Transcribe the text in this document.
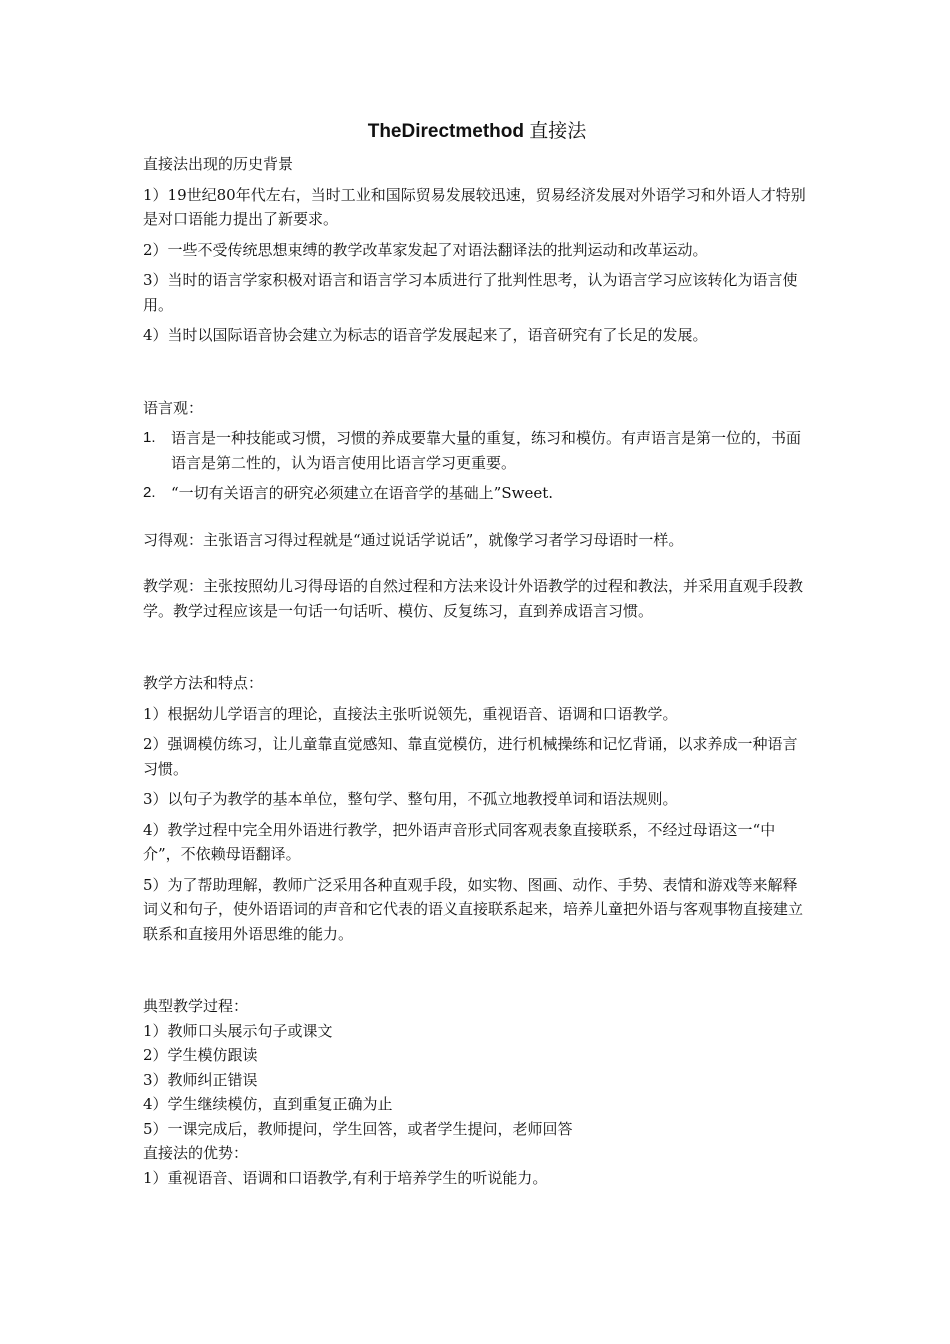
TheDirectmethod 直接法

直接法出现的历史背景

1）19世纪80年代左右，当时工业和国际贸易发展较迅速，贸易经济发展对外语学习和外语人才特别是对口语能力提出了新要求。

2）一些不受传统思想束缚的教学改革家发起了对语法翻译法的批判运动和改革运动。

3）当时的语言学家积极对语言和语言学习本质进行了批判性思考，认为语言学习应该转化为语言使用。

4）当时以国际语音协会建立为标志的语音学发展起来了，语音研究有了长足的发展。

语言观：

1.	语言是一种技能或习惯，习惯的养成要靠大量的重复，练习和模仿。有声语言是第一位的，书面语言是第二性的，认为语言使用比语言学习更重要。
2.	“一切有关语言的研究必须建立在语音学的基础上”Sweet.

习得观：主张语言习得过程就是“通过说话学说话”，就像学习者学习母语时一样。

教学观：主张按照幼儿习得母语的自然过程和方法来设计外语教学的过程和教法，并采用直观手段教学。教学过程应该是一句话一句话听、模仿、反复练习，直到养成语言习惯。

教学方法和特点：

1）根据幼儿学语言的理论，直接法主张听说领先，重视语音、语调和口语教学。

2）强调模仿练习，让儿童靠直觉感知、靠直觉模仿，进行机械操练和记忆背诵，以求养成一种语言习惯。

3）以句子为教学的基本单位，整句学、整句用，不孤立地教授单词和语法规则。

4）教学过程中完全用外语进行教学，把外语声音形式同客观表象直接联系，不经过母语这一“中介”，不依赖母语翻译。

5）为了帮助理解，教师广泛采用各种直观手段，如实物、图画、动作、手势、表情和游戏等来解释词义和句子，使外语语词的声音和它代表的语义直接联系起来，培养儿童把外语与客观事物直接建立联系和直接用外语思维的能力。

典型教学过程：

1）教师口头展示句子或课文

2）学生模仿跟读

3）教师纠正错误

4）学生继续模仿，直到重复正确为止

5）一课完成后，教师提问，学生回答，或者学生提问，老师回答

直接法的优势：

1）重视语音、语调和口语教学,有利于培养学生的听说能力。
